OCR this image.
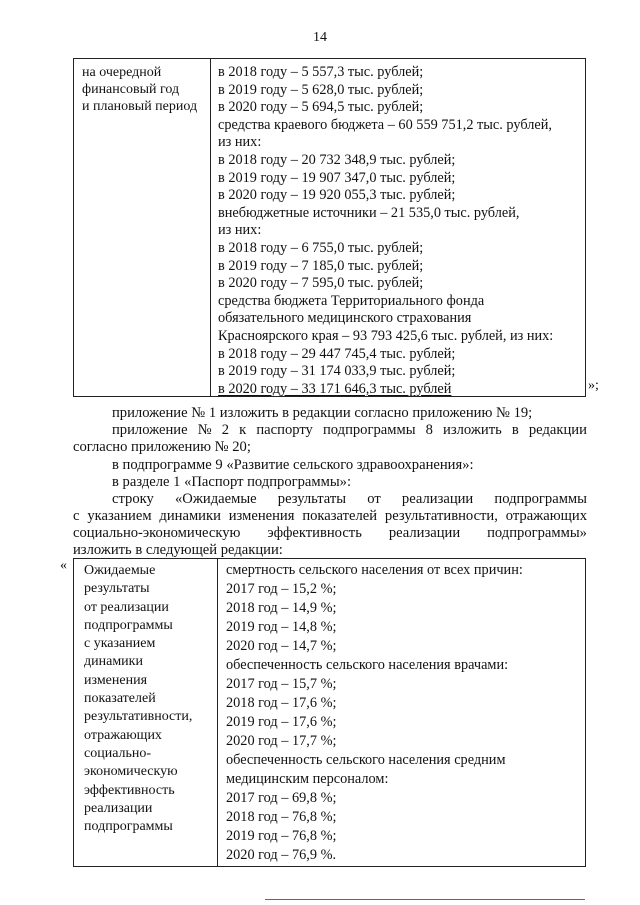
14
на очередной
финансовый год
и плановый период
в 2018 году – 5 557,3 тыс. рублей;
в 2019 году – 5 628,0 тыс. рублей;
в 2020 году – 5 694,5 тыс. рублей;
средства краевого бюджета – 60 559 751,2 тыс. рублей,
из них:
в 2018 году – 20 732 348,9 тыс. рублей;
в 2019 году – 19 907 347,0 тыс. рублей;
в 2020 году – 19 920 055,3 тыс. рублей;
внебюджетные источники – 21 535,0 тыс. рублей,
из них:
в 2018 году – 6 755,0 тыс. рублей;
в 2019 году – 7 185,0 тыс. рублей;
в 2020 году – 7 595,0 тыс. рублей;
средства бюджета Территориального фонда
обязательного медицинского страхования
Красноярского края – 93 793 425,6 тыс. рублей, из них:
в 2018 году – 29 447 745,4 тыс. рублей;
в 2019 году – 31 174 033,9 тыс. рублей;
в 2020 году – 33 171 646,3 тыс. рублей	»;
приложение № 1 изложить в редакции согласно приложению № 19;
приложение № 2 к паспорту подпрограммы 8 изложить в редакции
согласно приложению № 20;
в подпрограмме 9 «Развитие сельского здравоохранения»:
в разделе 1 «Паспорт подпрограммы»:
строку «Ожидаемые результаты от реализации подпрограммы
с указанием динамики изменения показателей результативности, отражающих
социально-экономическую эффективность реализации подпрограммы»
изложить в следующей редакции:
« Ожидаемые
результаты
от реализации
подпрограммы
с указанием
динамики
изменения
показателей
результативности,
отражающих
социально-
экономическую
эффективность
реализации
подпрограммы
смертность сельского населения от всех причин:
2017 год – 15,2 %;
2018 год – 14,9 %;
2019 год – 14,8 %;
2020 год – 14,7 %;
обеспеченность сельского населения врачами:
2017 год – 15,7 %;
2018 год – 17,6 %;
2019 год – 17,6 %;
2020 год – 17,7 %;
обеспеченность сельского населения средним
медицинским персоналом:
2017 год – 69,8 %;
2018 год – 76,8 %;
2019 год – 76,8 %;
2020 год – 76,9 %.
